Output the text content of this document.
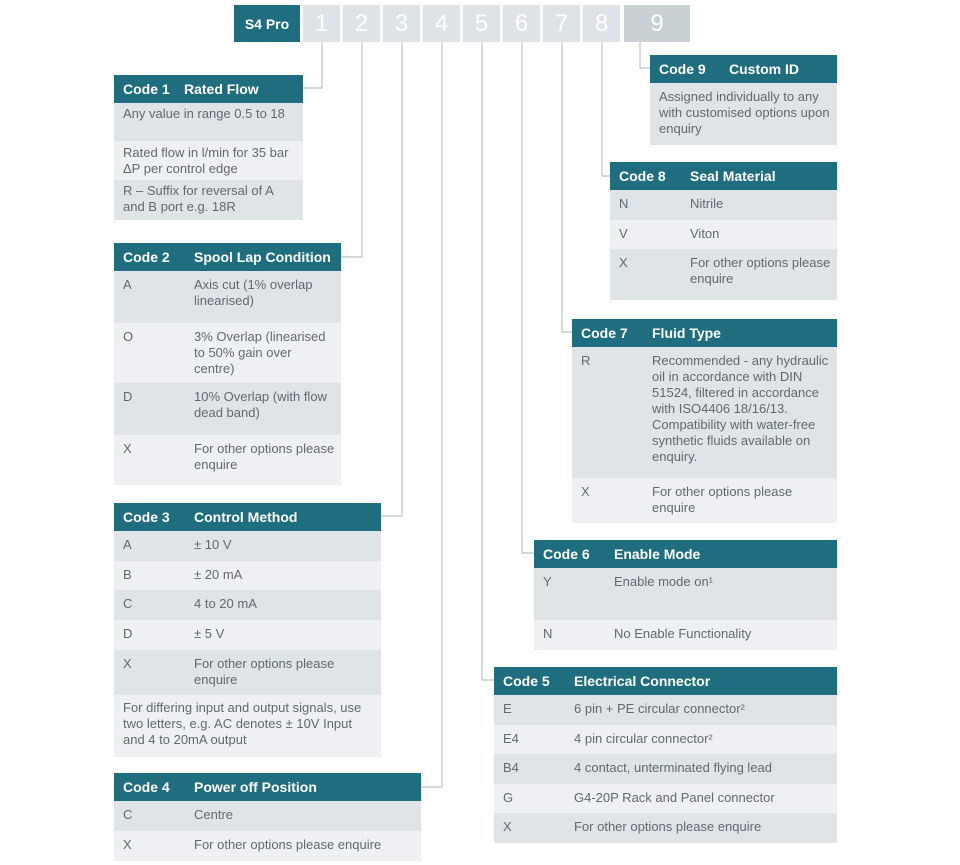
S4 Pro	1	2	3	4	5	6	7	8	9
Code 1	Rated Flow
Any value in range 0.5 to 18
Rated flow in l/min for 35 bar ΔP per control edge
R – Suffix for reversal of A and B port e.g. 18R
Code 2	Spool Lap Condition
A	Axis cut (1% overlap linearised)
O	3% Overlap (linearised to 50% gain over centre)
D	10% Overlap (with flow dead band)
X	For other options please enquire
Code 3	Control Method
A	± 10 V
B	± 20 mA
C	4 to 20 mA
D	± 5 V
X	For other options please enquire
For differing input and output signals, use two letters, e.g. AC denotes ± 10V Input and 4 to 20mA output
Code 4	Power off Position
C	Centre
X	For other options please enquire
Code 5	Electrical Connector
E	6 pin + PE circular connector²
E4	4 pin circular connector²
B4	4 contact, unterminated flying lead
G	G4-20P Rack and Panel connector
X	For other options please enquire
Code 6	Enable Mode
Y	Enable mode on¹
N	No Enable Functionality
Code 7	Fluid Type
R	Recommended - any hydraulic oil in accordance with DIN 51524, filtered in accordance with ISO4406 18/16/13. Compatibility with water-free synthetic fluids available on enquiry.
X	For other options please enquire
Code 8	Seal Material
N	Nitrile
V	Viton
X	For other options please enquire
Code 9	Custom ID
Assigned individually to any with customised options upon enquiry
